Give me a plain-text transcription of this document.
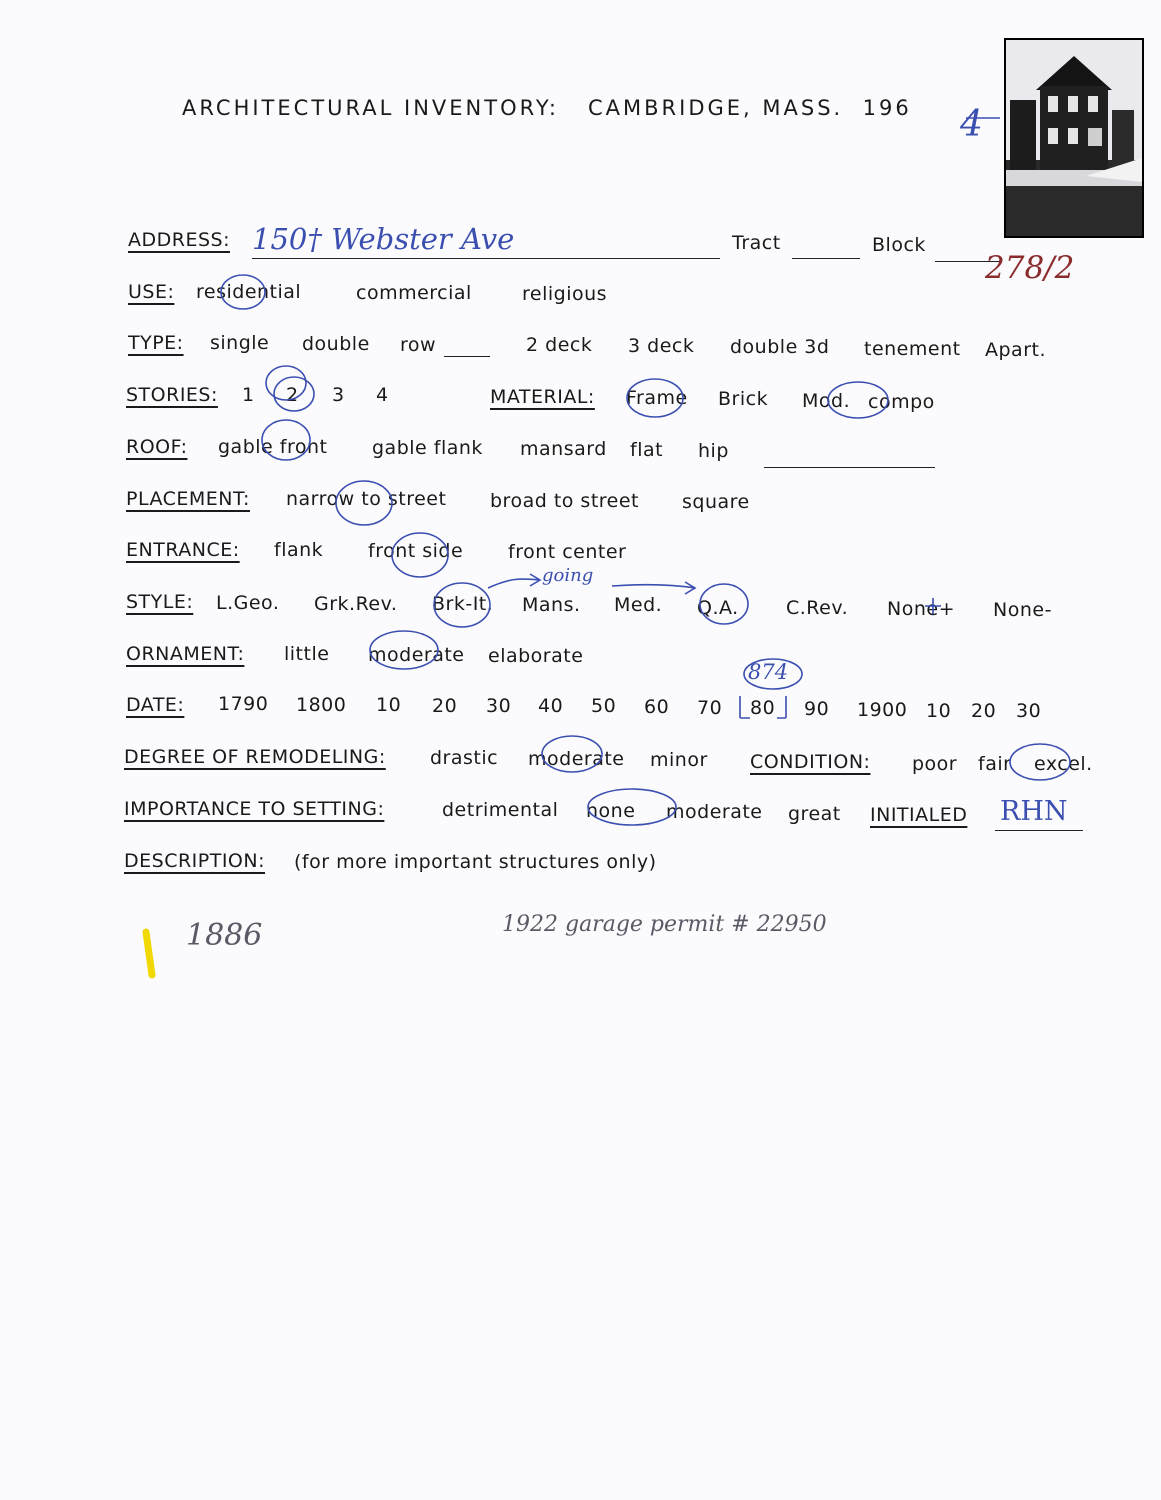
ARCHITECTURAL INVENTORY: CAMBRIDGE, MASS. 196 4
ADDRESS: 150† Webster Ave	Tract	Block
278/2
USE: residential	commercial	religious
TYPE: single double row	2 deck 3 deck double 3d tenement Apart.
STORIES: 1 2 3 4	MATERIAL: Frame Brick Mod. compo
ROOF: gable front gable flank mansard flat hip
PLACEMENT: narrow to street broad to street square
ENTRANCE: flank front side front center
STYLE: L.Geo. Grk.Rev. Brk-It. Mans. Med. Q.A. C.Rev. None+ None-
going
ORNAMENT: little moderate elaborate
DATE: 1790 1800 10 20 30 40 50 60 70 80 90 1900 10 20 30
874
DEGREE OF REMODELING: drastic moderate minor CONDITION: poor fair excel.
IMPORTANCE TO SETTING:	detrimental none moderate great INITIALED RHN
DESCRIPTION: (for more important structures only)
1886	1922 garage permit # 22950
